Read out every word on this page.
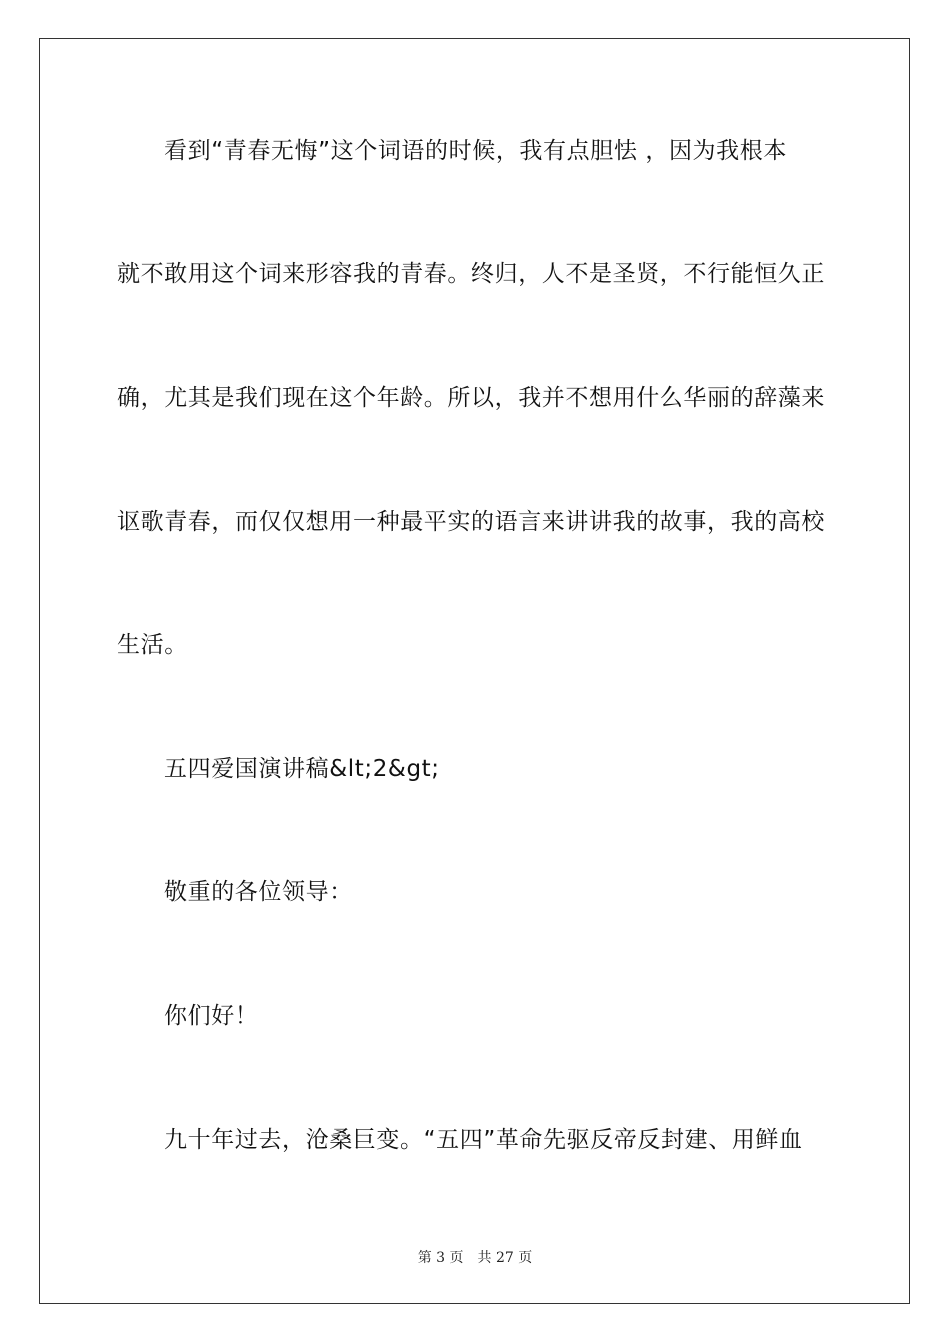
看到“青春无悔”这个词语的时候，我有点胆怯 ，因为我根本
就不敢用这个词来形容我的青春。终归，人不是圣贤，不行能恒久正
确，尤其是我们现在这个年龄。所以，我并不想用什么华丽的辞藻来
讴歌青春，而仅仅想用一种最平实的语言来讲讲我的故事，我的高校
生活。
五四爱国演讲稿&lt;2&gt;
敬重的各位领导：
你们好！
九十年过去，沧桑巨变。“五四”革命先驱反帝反封建、用鲜血
第 3 页 共 27 页
